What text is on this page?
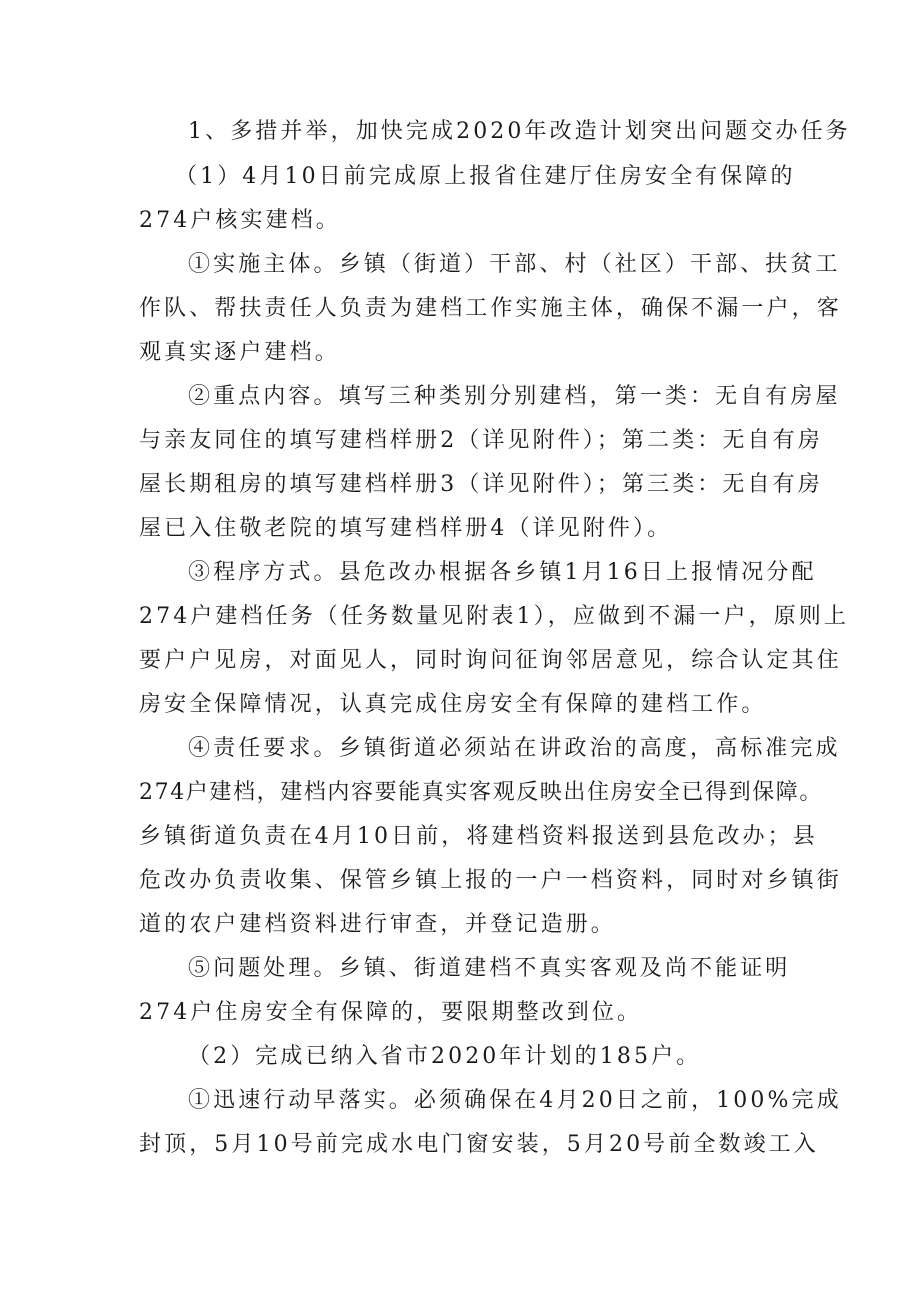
1、多措并举，加快完成2020年改造计划突出问题交办任务
（1）4月10日前完成原上报省住建厅住房安全有保障的
274户核实建档。
①实施主体。乡镇（街道）干部、村（社区）干部、扶贫工
作队、帮扶责任人负责为建档工作实施主体，确保不漏一户，客
观真实逐户建档。
②重点内容。填写三种类别分别建档，第一类：无自有房屋
与亲友同住的填写建档样册2（详见附件）；第二类：无自有房
屋长期租房的填写建档样册3（详见附件）；第三类：无自有房
屋已入住敬老院的填写建档样册4（详见附件）。
③程序方式。县危改办根据各乡镇1月16日上报情况分配
274户建档任务（任务数量见附表1），应做到不漏一户，原则上
要户户见房，对面见人，同时询问征询邻居意见，综合认定其住
房安全保障情况，认真完成住房安全有保障的建档工作。
④责任要求。乡镇街道必须站在讲政治的高度，高标准完成
274户建档，建档内容要能真实客观反映出住房安全已得到保障。
乡镇街道负责在4月10日前，将建档资料报送到县危改办；县
危改办负责收集、保管乡镇上报的一户一档资料，同时对乡镇街
道的农户建档资料进行审查，并登记造册。
⑤问题处理。乡镇、街道建档不真实客观及尚不能证明
274户住房安全有保障的，要限期整改到位。
（2）完成已纳入省市2020年计划的185户。
①迅速行动早落实。必须确保在4月20日之前，100%完成
封顶，5月10号前完成水电门窗安装，5月20号前全数竣工入
